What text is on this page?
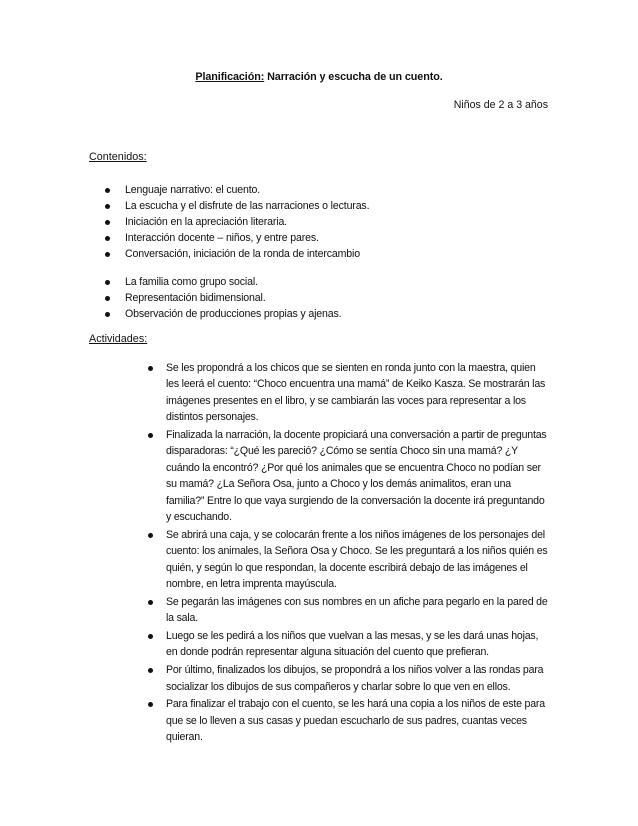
Planificación: Narración y escucha de un cuento.
Niños de 2 a 3 años
Contenidos:
Lenguaje narrativo: el cuento.
La escucha y el disfrute de las narraciones o lecturas.
Iniciación en la apreciación literaria.
Interacción docente – niños, y entre pares.
Conversación, iniciación de la ronda de intercambio
La familia como grupo social.
Representación bidimensional.
Observación de producciones propias y ajenas.
Actividades:
Se les propondrá a los chicos que se sienten en ronda junto con la maestra, quien les leerá el cuento: “Choco encuentra una mamá” de Keiko Kasza. Se mostrarán las imágenes presentes en el libro, y se cambiarán las voces para representar a los distintos personajes.
Finalizada la narración, la docente propiciará una conversación a partir de preguntas disparadoras: “¿Qué les pareció? ¿Cómo se sentía Choco sin una mamá? ¿Y cuándo la encontró? ¿Por qué los animales que se encuentra Choco no podían ser su mamá? ¿La Señora Osa, junto a Choco y los demás animalitos, eran una familia?” Entre lo que vaya surgiendo de la conversación la docente irá preguntando y escuchando.
Se abrirá una caja, y se colocarán frente a los niños imágenes de los personajes del cuento: los animales, la Señora Osa y Choco. Se les preguntará a los niños quién es quién, y según lo que respondan, la docente escribirá debajo de las imágenes el nombre, en letra imprenta mayúscula.
Se pegarán las imágenes con sus nombres en un afiche para pegarlo en la pared de la sala.
Luego se les pedirá a los niños que vuelvan a las mesas, y se les dará unas hojas, en donde podrán representar alguna situación del cuento que prefieran.
Por último, finalizados los dibujos, se propondrá a los niños volver a las rondas para socializar los dibujos de sus compañeros y charlar sobre lo que ven en ellos.
Para finalizar el trabajo con el cuento, se les hará una copia a los niños de este para que se lo lleven a sus casas y puedan escucharlo de sus padres, cuantas veces quieran.
